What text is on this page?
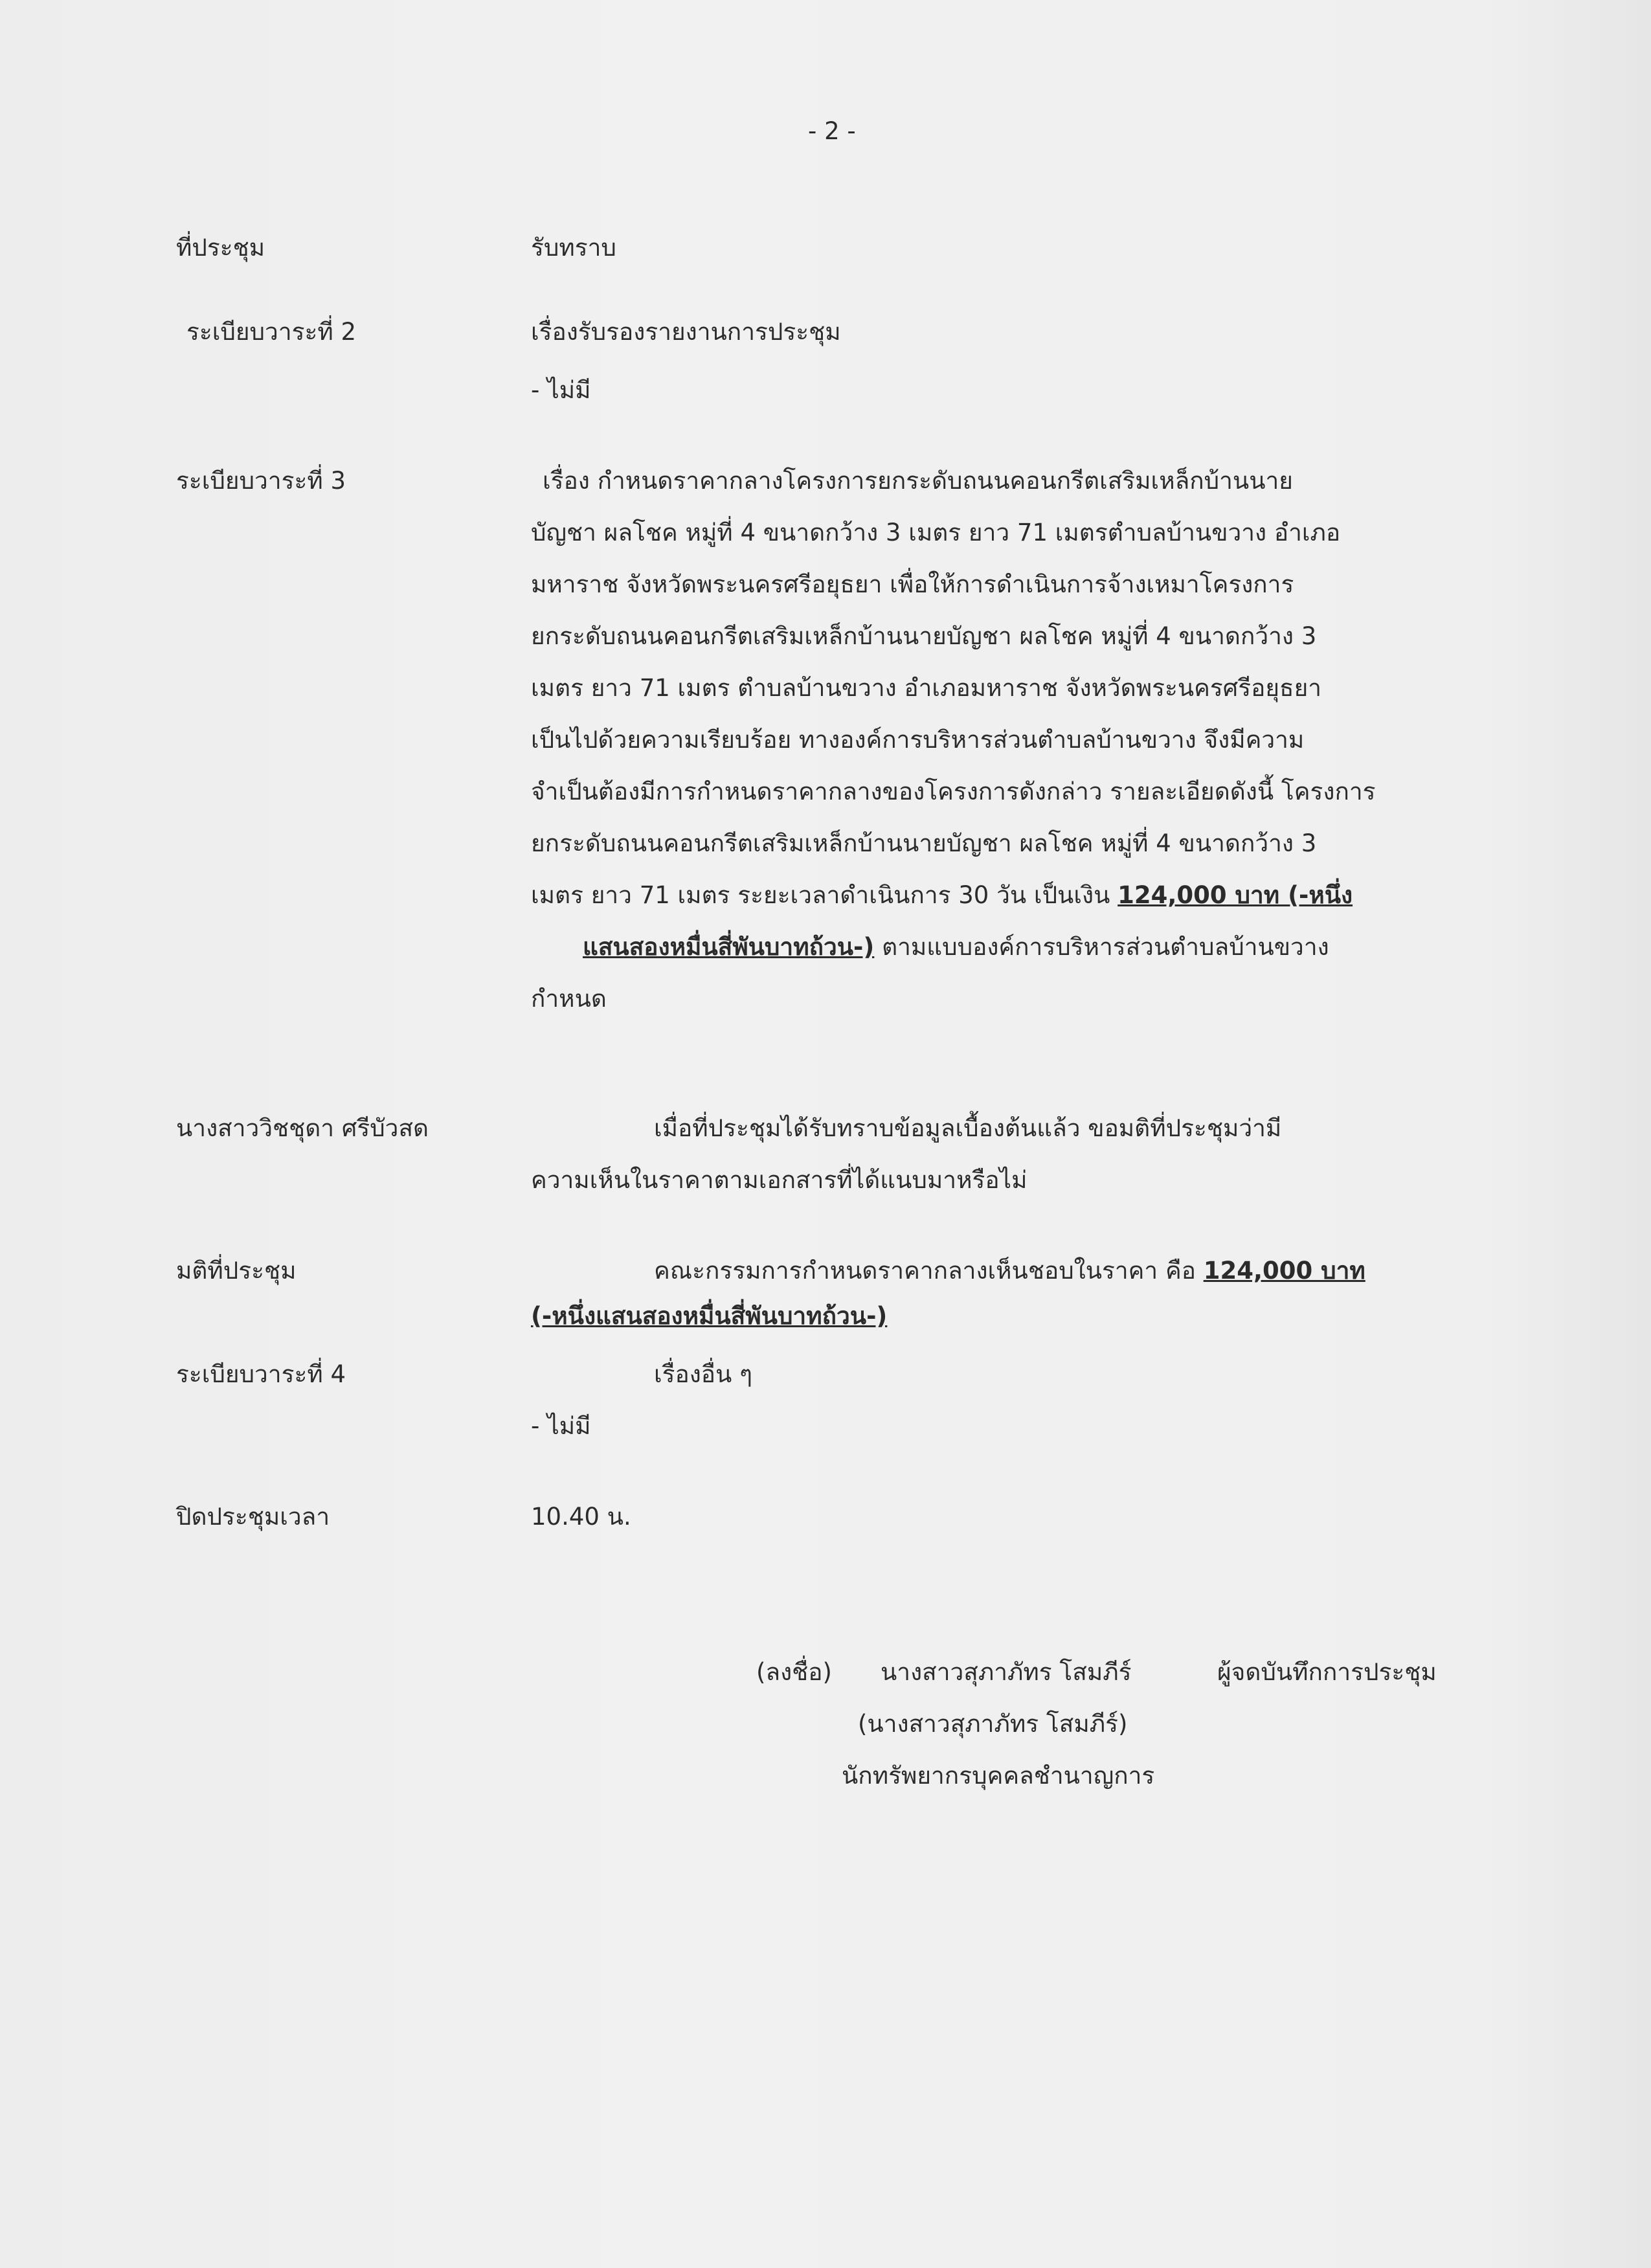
- 2 -
ที่ประชุม	รับทราบ
ระเบียบวาระที่ 2	เรื่องรับรองรายงานการประชุม
- ไม่มี
ระเบียบวาระที่ 3	เรื่อง กำหนดราคากลางโครงการยกระดับถนนคอนกรีตเสริมเหล็กบ้านนาย
บัญชา ผลโชค หมู่ที่ 4 ขนาดกว้าง 3 เมตร ยาว 71 เมตรตำบลบ้านขวาง อำเภอ
มหาราช จังหวัดพระนครศรีอยุธยา เพื่อให้การดำเนินการจ้างเหมาโครงการ
ยกระดับถนนคอนกรีตเสริมเหล็กบ้านนายบัญชา ผลโชค หมู่ที่ 4 ขนาดกว้าง 3
เมตร ยาว 71 เมตร ตำบลบ้านขวาง อำเภอมหาราช จังหวัดพระนครศรีอยุธยา
เป็นไปด้วยความเรียบร้อย ทางองค์การบริหารส่วนตำบลบ้านขวาง จึงมีความ
จำเป็นต้องมีการกำหนดราคากลางของโครงการดังกล่าว รายละเอียดดังนี้ โครงการ
ยกระดับถนนคอนกรีตเสริมเหล็กบ้านนายบัญชา ผลโชค หมู่ที่ 4 ขนาดกว้าง 3
เมตร ยาว 71 เมตร ระยะเวลาดำเนินการ 30 วัน เป็นเงิน 124,000 บาท (-หนึ่ง
แสนสองหมื่นสี่พันบาทถ้วน-) ตามแบบองค์การบริหารส่วนตำบลบ้านขวาง
กำหนด
นางสาววิชชุดา ศรีบัวสด	เมื่อที่ประชุมได้รับทราบข้อมูลเบื้องต้นแล้ว ขอมติที่ประชุมว่ามี
ความเห็นในราคาตามเอกสารที่ได้แนบมาหรือไม่
มติที่ประชุม	คณะกรรมการกำหนดราคากลางเห็นชอบในราคา คือ 124,000 บาท
(-หนึ่งแสนสองหมื่นสี่พันบาทถ้วน-)
ระเบียบวาระที่ 4	เรื่องอื่น ๆ
- ไม่มี
ปิดประชุมเวลา	10.40 น.
(ลงชื่อ) นางสาวสุภาภัทร โสมภีร์	ผู้จดบันทึกการประชุม
(นางสาวสุภาภัทร โสมภีร์)
นักทรัพยากรบุคคลชำนาญการ
